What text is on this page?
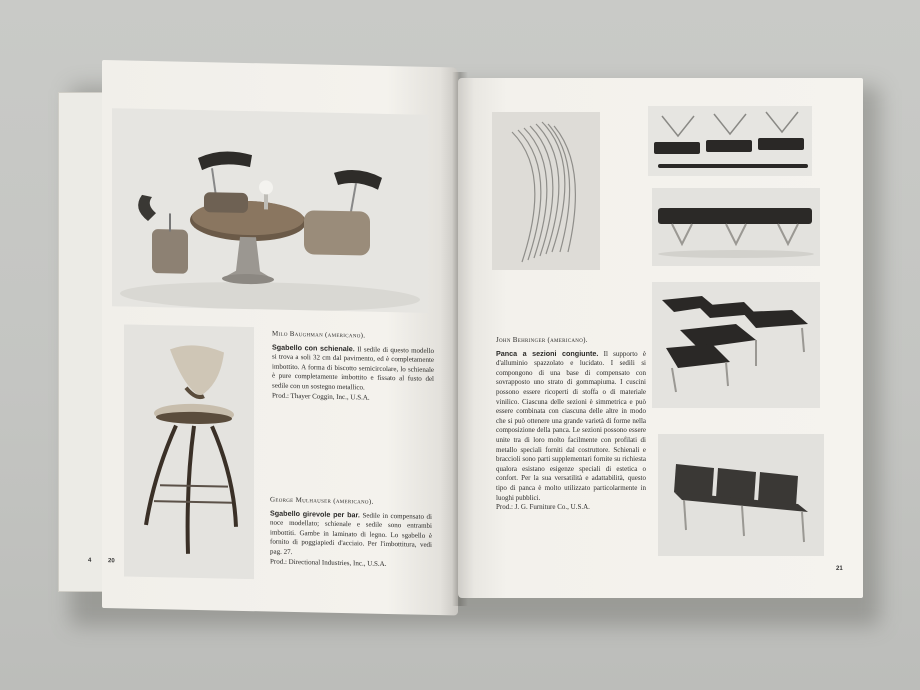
Milo Baughman (americano).
Sgabello con schienale. Il sedile di questo modello si trova a soli 32 cm dal pavimento, ed è completamente imbottito. A forma di biscotto semicircolare, lo schienale è pure completamente imbottito e fissato al fusto del sedile con un sostegno metallico.
Prod.: Thayer Coggin, Inc., U.S.A.
George Mulhauser (americano).
Sgabello girevole per bar. Sedile in compensato di noce modellato; schienale e sedile sono entrambi imbottiti. Gambe in laminato di legno. Lo sgabello è fornito di poggiapiedi d'acciaio. Per l'imbottitura, vedi pag. 27.
Prod.: Directional Industries, Inc., U.S.A.
4	20
John Behringer (americano).
Panca a sezioni congiunte. Il supporto è d'alluminio spazzolato e lucidato. I sedili si compongono di una base di compensato con sovrapposto uno strato di gommapiuma. I cuscini possono essere ricoperti di stoffa o di materiale vinilico. Ciascuna delle sezioni è simmetrica e può essere combinata con ciascuna delle altre in modo che si può ottenere una grande varietà di forme nella composizione della panca. Le sezioni possono essere unite tra di loro molto facilmente con profilati di metallo speciali forniti dal costruttore. Schienali e braccioli sono parti supplementari fornite su richiesta qualora esistano esigenze speciali di estetica o confort. Per la sua versatilità e adattabilità, questo tipo di panca è molto utilizzato particolarmente in luoghi pubblici.
Prod.: J. G. Furniture Co., U.S.A.
21
